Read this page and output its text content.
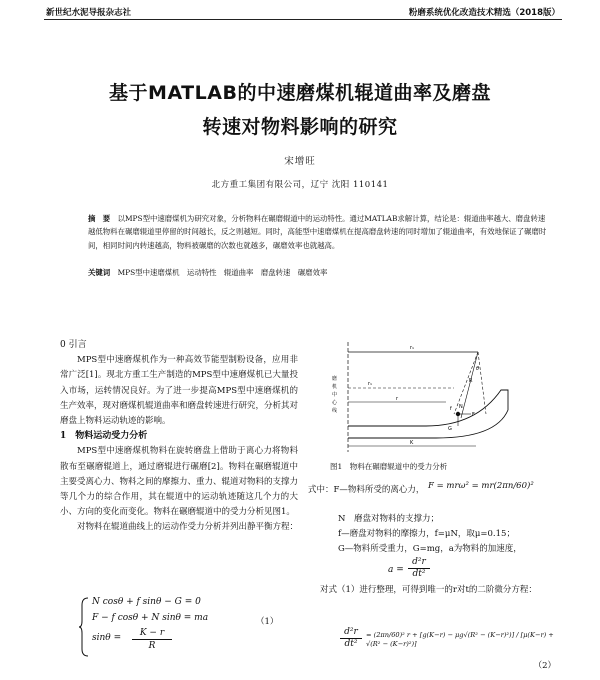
新世纪水泥导报杂志社	粉磨系统优化改造技术精选（2018版）
基于MATLAB的中速磨煤机辊道曲率及磨盘
转速对物料影响的研究
宋增旺
北方重工集团有限公司，辽宁 沈阳 110141
摘　要　 以MPS型中速磨煤机为研究对象，分析物料在碾磨辊道中的运动特性。通过MATLAB求解计算，结论是：辊道曲率越大、磨盘转速越低物料在碾磨辊道里停留的时间越长，反之则越短。同时，高能型中速磨煤机在提高磨盘转速的同时增加了辊道曲率，有效地保证了碾磨时间，相同时间内转速越高，物料被碾磨的次数也就越多，碾磨效率也就越高。
关键词　 MPS型中速磨煤机　运动特性　辊道曲率　磨盘转速　碾磨效率
0 引言

MPS型中速磨煤机作为一种高效节能型制粉设备，应用非常广泛[1]。现北方重工生产制造的MPS型中速磨煤机已大量投入市场，运转情况良好。为了进一步提高MPS型中速磨煤机的生产效率，现对磨煤机辊道曲率和磨盘转速进行研究，分析其对磨盘上物料运动轨迹的影响。

1　物料运动受力分析

MPS型中速磨煤机物料在旋转磨盘上借助于离心力将物料散布至碾磨辊道上，通过磨辊进行碾磨[2]。物料在碾磨辊道中主要受离心力、物料之间的摩擦力、重力、辊道对物料的支撑力等几个力的综合作用，其在辊道中的运动轨迹随这几个力的大小、方向的变化而变化。物料在碾磨辊道中的受力分析见图1。

对物料在辊道曲线上的运动作受力分析并列出静平衡方程：

N cosθ + f sinθ − G = 0
F − f cosθ + N sinθ = ma
$\sin\theta = \frac{K - r}{R}$
（1）
r₁
磨
机
中
心
线
r₁
r
K
R
θ
G
F
N
f
图1　物料在碾磨辊道中的受力分析
式中：F—物料所受的离心力， F = mrω² = mr(2πn/60)²
N　磨盘对物料的支撑力；
f—磨盘对物料的摩擦力，f=μN，取μ=0.15；
G—物料所受重力，G=mg，a为物料的加速度，
$a = \frac{\text{d²r}}{\text{dt²}}$
对式（1）进行整理，可得到唯一的r对t的二阶微分方程：
$\frac{\text{d²r}}{\text{dt²}} = (2\pi n/60)^2$ r + [g(K−r) − μg√(R² − (K−r)²)] / [μ(K−r) + √(R² − (K−r)²)]
（2）
